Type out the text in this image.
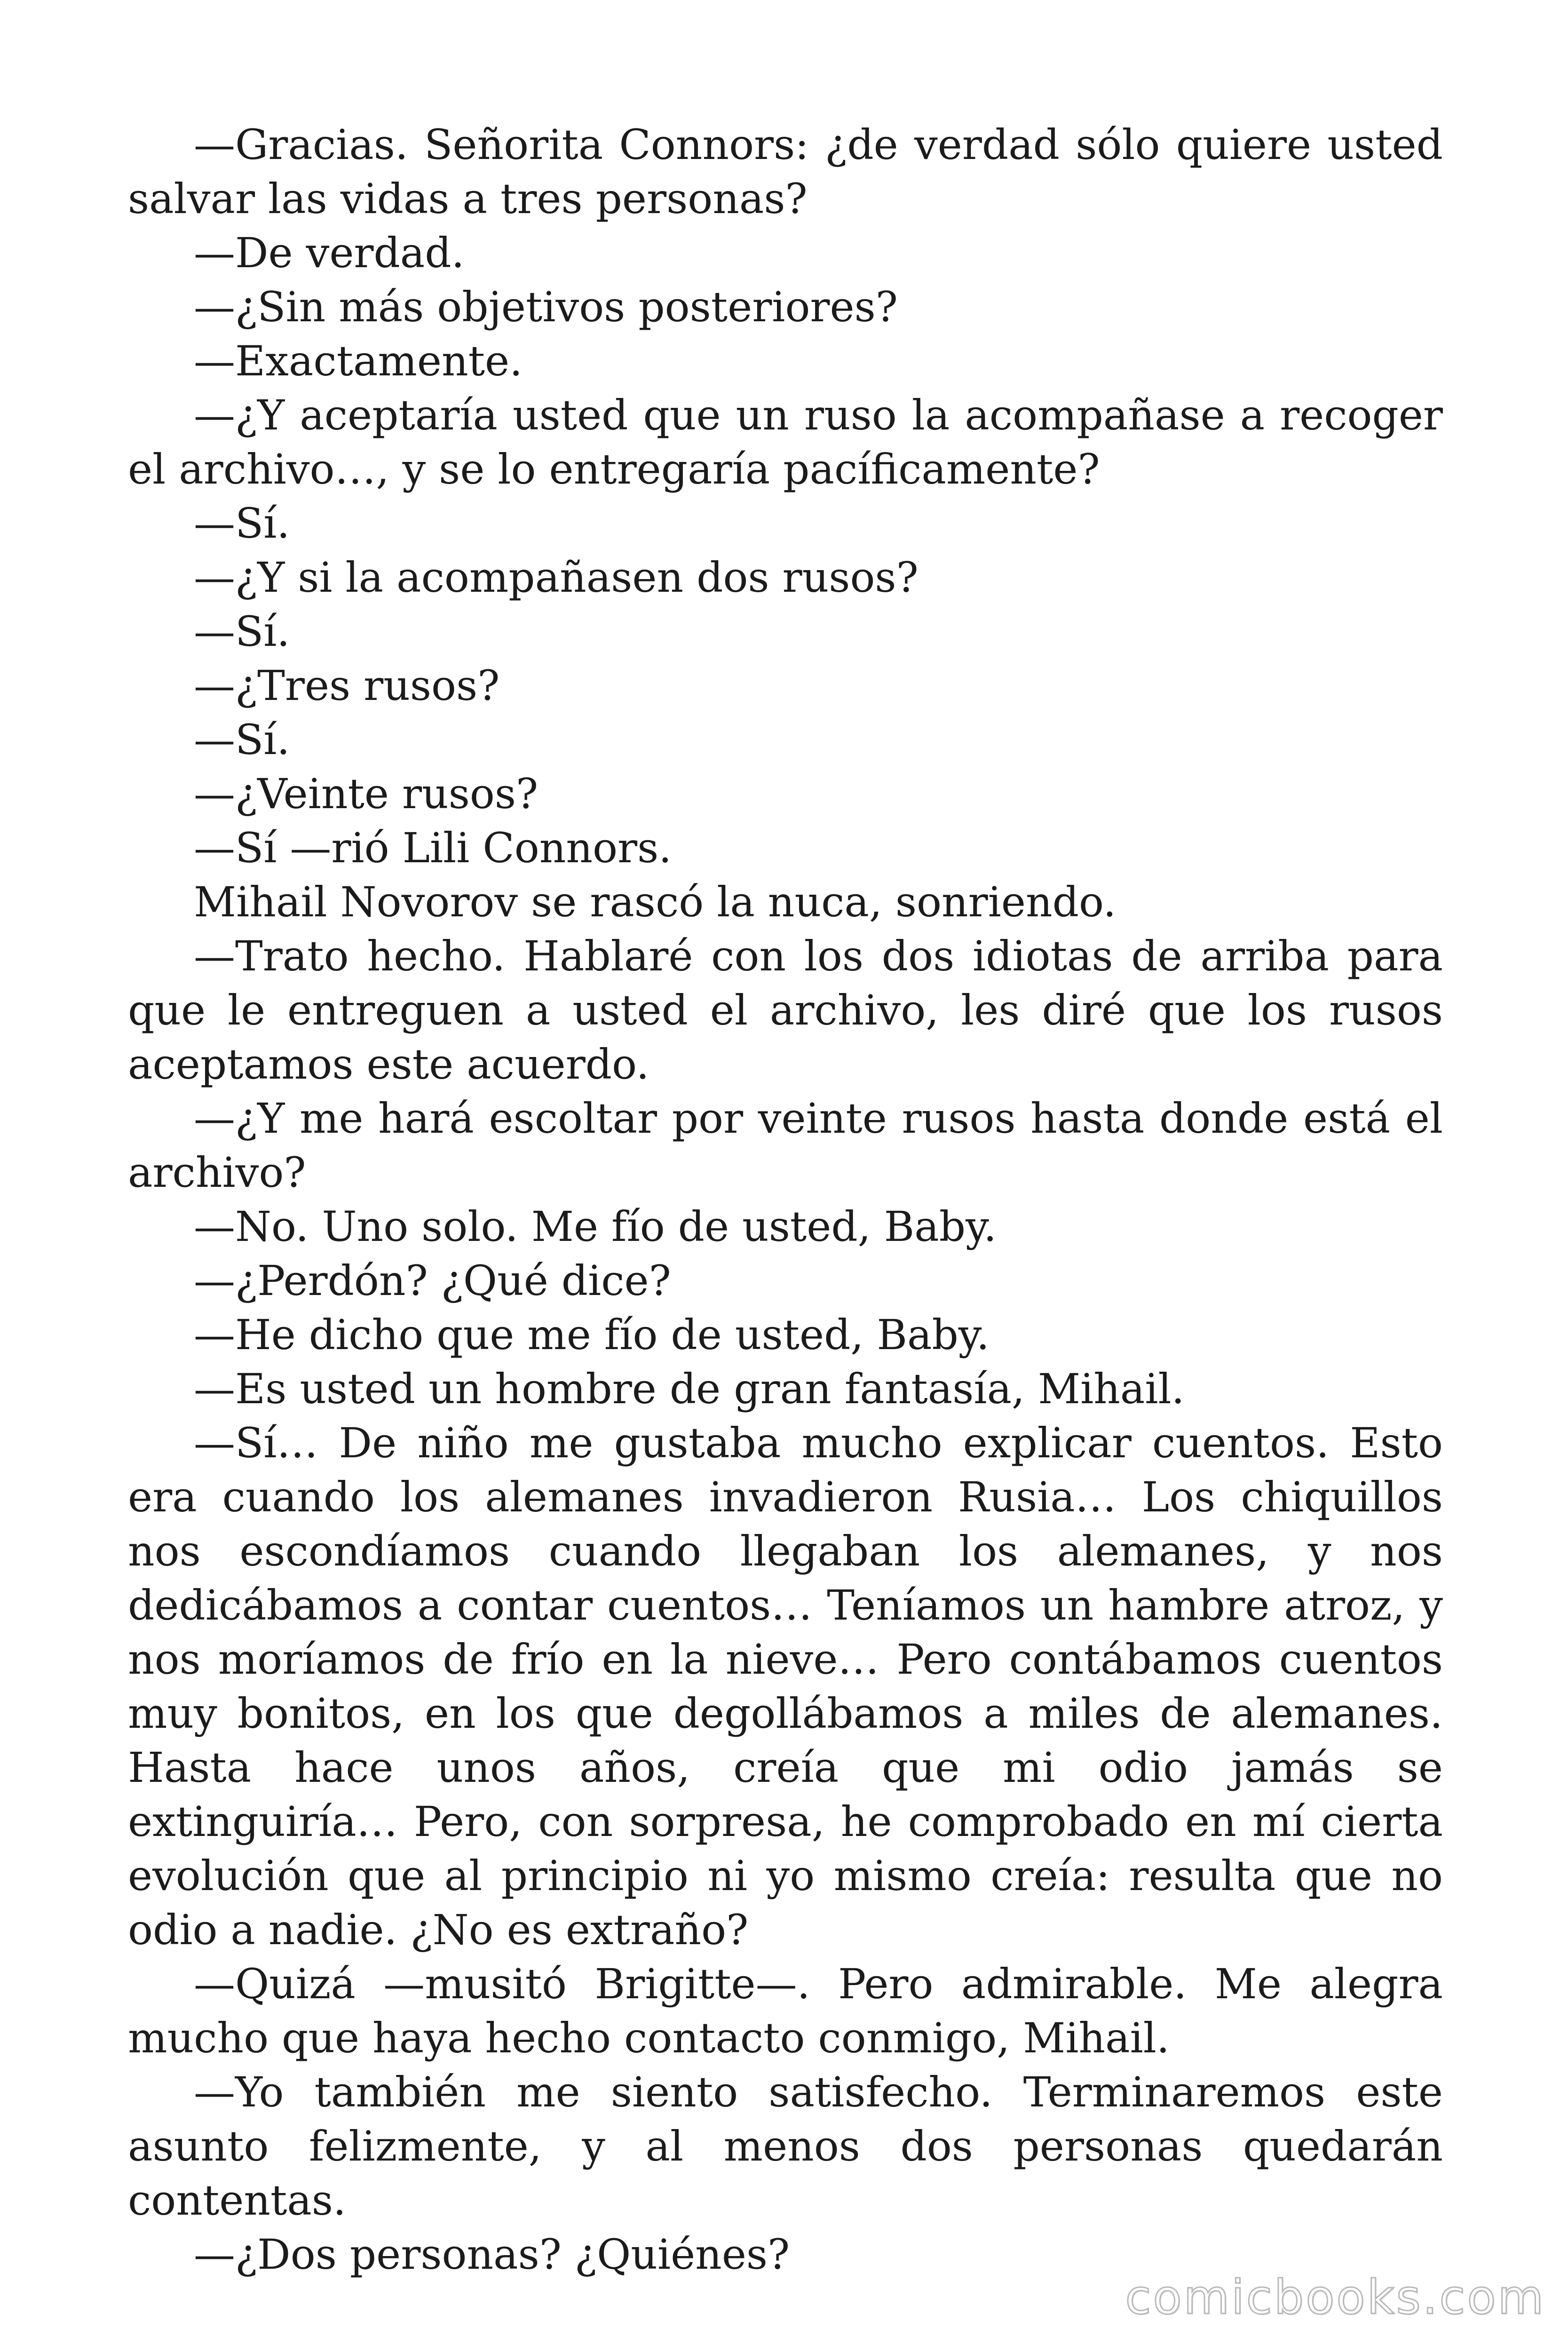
—Gracias. Señorita Connors: ¿de verdad sólo quiere usted salvar las vidas a tres personas?

—De verdad.

—¿Sin más objetivos posteriores?

—Exactamente.

—¿Y aceptaría usted que un ruso la acompañase a recoger el archivo…, y se lo entregaría pacíficamente?

—Sí.

—¿Y si la acompañasen dos rusos?

—Sí.

—¿Tres rusos?

—Sí.

—¿Veinte rusos?

—Sí —rió Lili Connors.

Mihail Novorov se rascó la nuca, sonriendo.

—Trato hecho. Hablaré con los dos idiotas de arriba para que le entreguen a usted el archivo, les diré que los rusos aceptamos este acuerdo.

—¿Y me hará escoltar por veinte rusos hasta donde está el archivo?

—No. Uno solo. Me fío de usted, Baby.

—¿Perdón? ¿Qué dice?

—He dicho que me fío de usted, Baby.

—Es usted un hombre de gran fantasía, Mihail.

—Sí… De niño me gustaba mucho explicar cuentos. Esto era cuando los alemanes invadieron Rusia… Los chiquillos nos escondíamos cuando llegaban los alemanes, y nos dedicábamos a contar cuentos… Teníamos un hambre atroz, y nos moríamos de frío en la nieve… Pero contábamos cuentos muy bonitos, en los que degollábamos a miles de alemanes. Hasta hace unos años, creía que mi odio jamás se extinguiría… Pero, con sorpresa, he comprobado en mí cierta evolución que al principio ni yo mismo creía: resulta que no odio a nadie. ¿No es extraño?

—Quizá —musitó Brigitte—. Pero admirable. Me alegra mucho que haya hecho contacto conmigo, Mihail.

—Yo también me siento satisfecho. Terminaremos este asunto felizmente, y al menos dos personas quedarán contentas.

—¿Dos personas? ¿Quiénes?

comicbooks.com
